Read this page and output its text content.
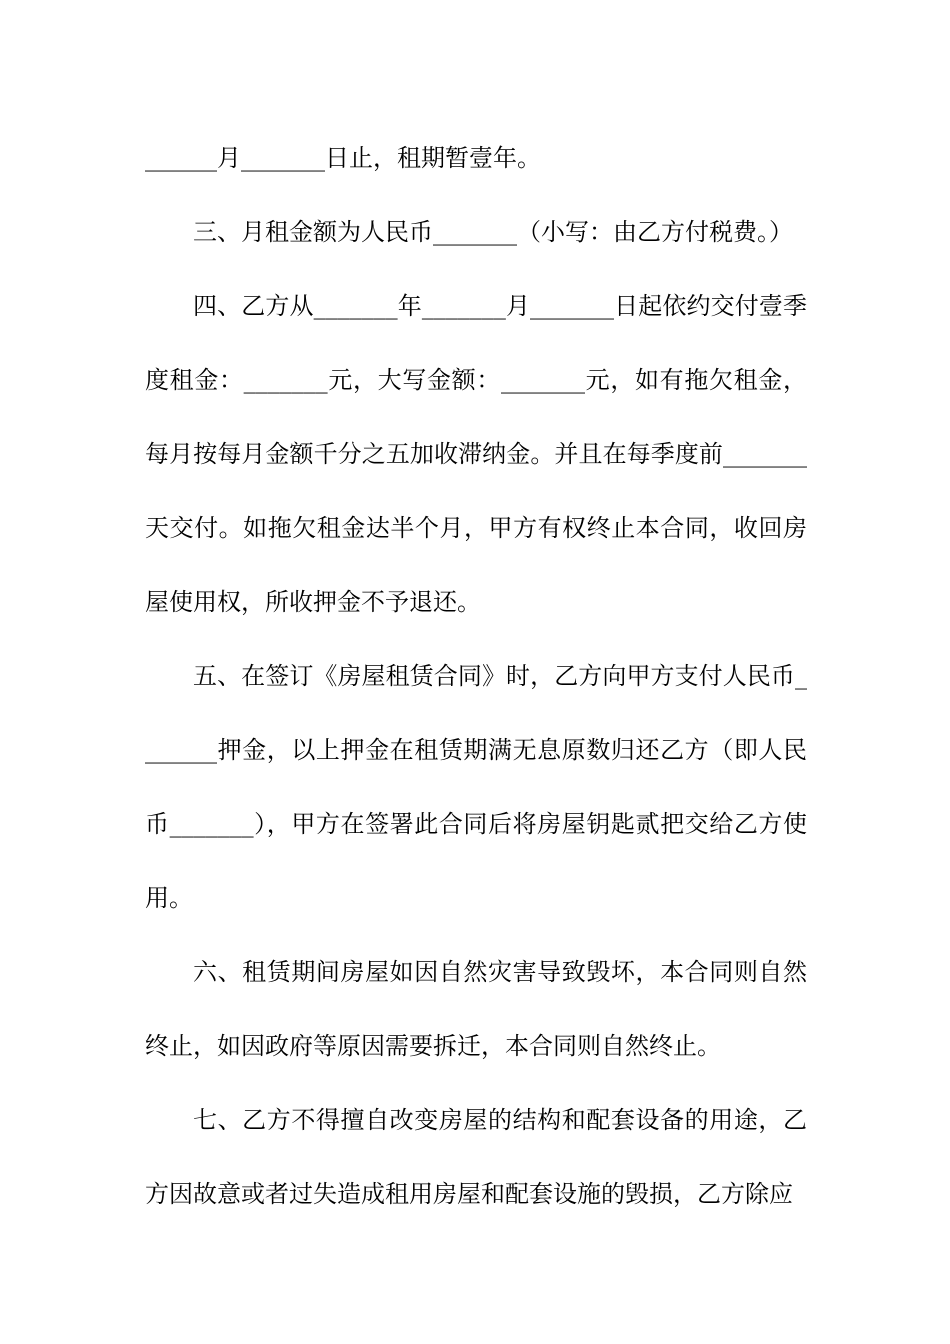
______月_______日止，租期暂壹年。

三、月租金额为人民币_______（小写：由乙方付税费。）

四、乙方从_______年_______月_______日起依约交付壹季度租金：_______元，大写金额：_______元，如有拖欠租金，每月按每月金额千分之五加收滞纳金。并且在每季度前_______天交付。如拖欠租金达半个月，甲方有权终止本合同，收回房屋使用权，所收押金不予退还。

五、在签订《房屋租赁合同》时，乙方向甲方支付人民币_______押金，以上押金在租赁期满无息原数归还乙方（即人民币_______），甲方在签署此合同后将房屋钥匙贰把交给乙方使用。

六、租赁期间房屋如因自然灾害导致毁坏，本合同则自然终止，如因政府等原因需要拆迁，本合同则自然终止。

七、乙方不得擅自改变房屋的结构和配套设备的用途，乙方因故意或者过失造成租用房屋和配套设施的毁损，乙方除应
